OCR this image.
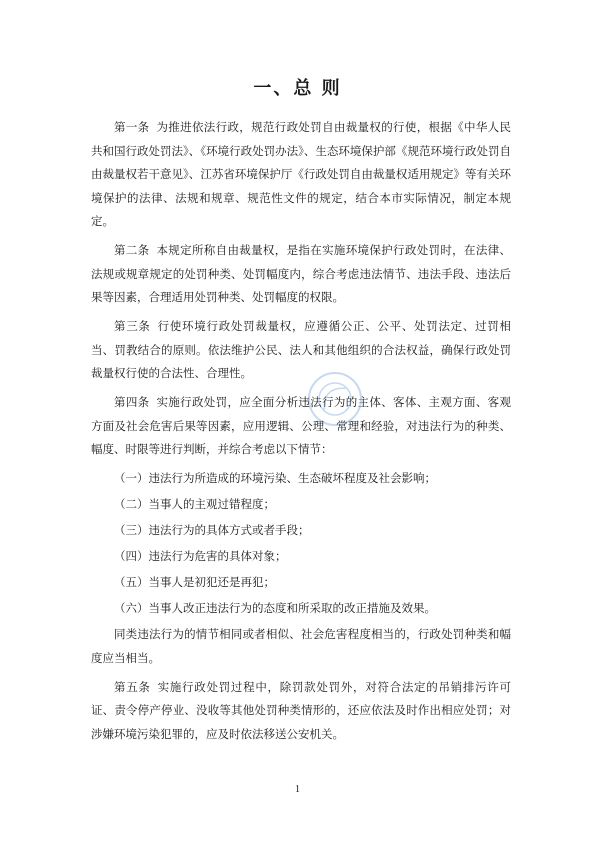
一、总 则

第一条 为推进依法行政，规范行政处罚自由裁量权的行使，根据《中华人民共和国行政处罚法》、《环境行政处罚办法》、生态环境保护部《规范环境行政处罚自由裁量权若干意见》、江苏省环境保护厅《行政处罚自由裁量权适用规定》等有关环境保护的法律、法规和规章、规范性文件的规定，结合本市实际情况，制定本规定。

第二条 本规定所称自由裁量权，是指在实施环境保护行政处罚时，在法律、法规或规章规定的处罚种类、处罚幅度内，综合考虑违法情节、违法手段、违法后果等因素，合理适用处罚种类、处罚幅度的权限。

第三条 行使环境行政处罚裁量权，应遵循公正、公平、处罚法定、过罚相当、罚教结合的原则。依法维护公民、法人和其他组织的合法权益，确保行政处罚裁量权行使的合法性、合理性。

第四条 实施行政处罚，应全面分析违法行为的主体、客体、主观方面、客观方面及社会危害后果等因素，应用逻辑、公理、常理和经验，对违法行为的种类、幅度、时限等进行判断，并综合考虑以下情节：

（一）违法行为所造成的环境污染、生态破坏程度及社会影响；

（二）当事人的主观过错程度；

（三）违法行为的具体方式或者手段；

（四）违法行为危害的具体对象；

（五）当事人是初犯还是再犯；

（六）当事人改正违法行为的态度和所采取的改正措施及效果。

同类违法行为的情节相同或者相似、社会危害程度相当的，行政处罚种类和幅度应当相当。

第五条 实施行政处罚过程中，除罚款处罚外，对符合法定的吊销排污许可证、责令停产停业、没收等其他处罚种类情形的，还应依法及时作出相应处罚；对涉嫌环境污染犯罪的，应及时依法移送公安机关。

1
